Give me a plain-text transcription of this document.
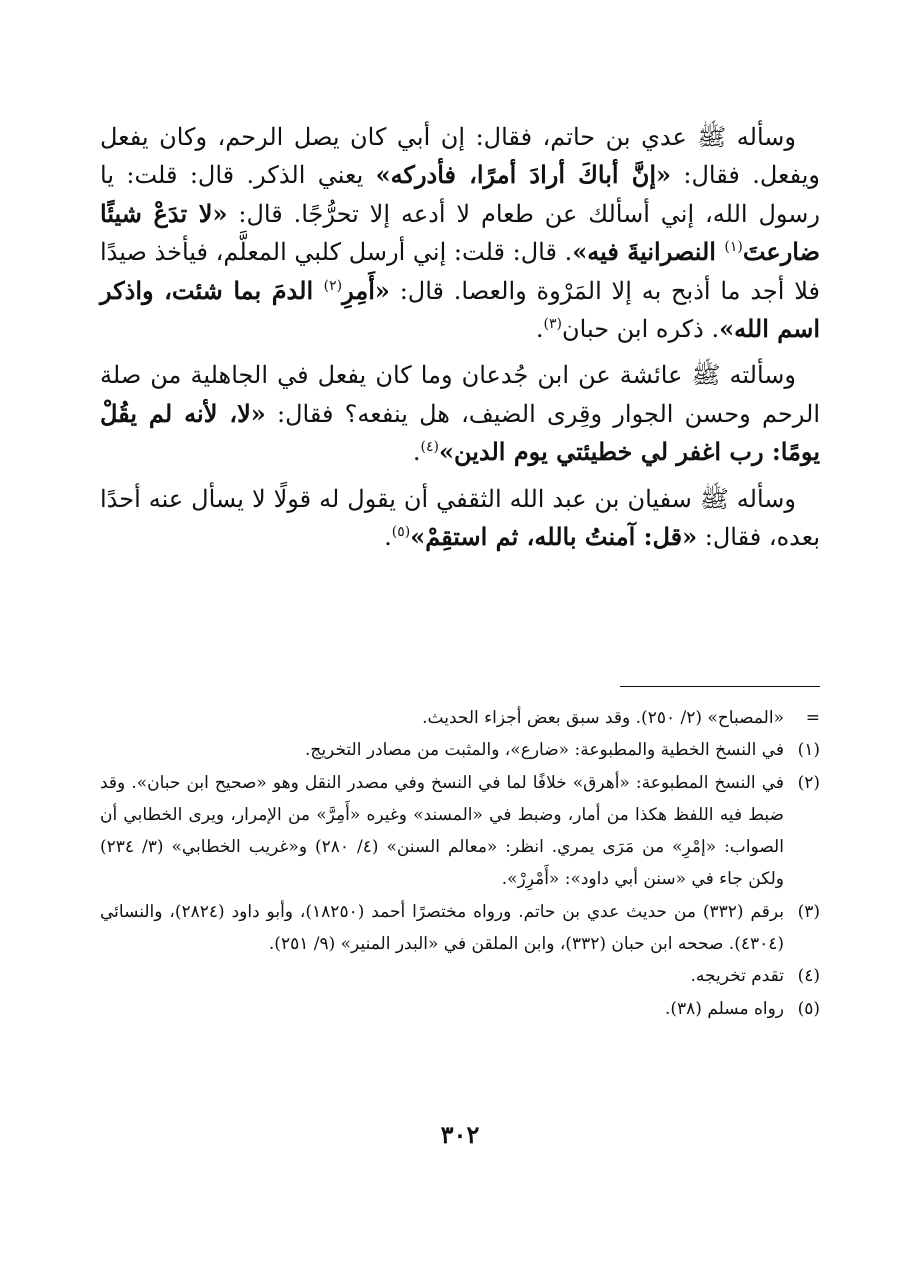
وسأله ﷺ عدي بن حاتم، فقال: إن أبي كان يصل الرحم، وكان يفعل ويفعل. فقال: «إنَّ أباكَ أرادَ أمرًا، فأدركه» يعني الذكر. قال: قلت: يا رسول الله، إني أسألك عن طعام لا أدعه إلا تحرُّجًا. قال: «لا تدَعْ شيئًا ضارعتَ$^{(١)}$ النصرانيةَ فيه». قال: قلت: إني أرسل كلبي المعلَّم، فيأخذ صيدًا فلا أجد ما أذبح به إلا المَرْوة والعصا. قال: «أَمِرِ$^{(٢)}$ الدمَ بما شئت، واذكر اسم الله». ذكره ابن حبان$^{(٣)}$.

وسألته ﷺ عائشة عن ابن جُدعان وما كان يفعل في الجاهلية من صلة الرحم وحسن الجوار وقِرى الضيف، هل ينفعه؟ فقال: «لا، لأنه لم يقُلْ يومًا: رب اغفر لي خطيئتي يوم الدين»$^{(٤)}$.

وسأله ﷺ سفيان بن عبد الله الثقفي أن يقول له قولًا لا يسأل عنه أحدًا بعده، فقال: «قل: آمنتُ بالله، ثم استقِمْ»$^{(٥)}$.

=
«المصباح» (٢/ ٢٥٠). وقد سبق بعض أجزاء الحديث.
(١)
في النسخ الخطية والمطبوعة: «ضارع»، والمثبت من مصادر التخريج.
(٢)
في النسخ المطبوعة: «أهرق» خلافًا لما في النسخ وفي مصدر النقل وهو «صحيح ابن حبان». وقد ضبط فيه اللفظ هكذا من أمار، وضبط في «المسند» وغيره «أَمِرَّ» من الإمرار، ويرى الخطابي أن الصواب: «إمْرِ» من مَرَى يمري. انظر: «معالم السنن» (٤/ ٢٨٠) و«غريب الخطابي» (٣/ ٢٣٤) ولكن جاء في «سنن أبي داود»: «أَمْرِرْ».
(٣)
برقم (٣٣٢) من حديث عدي بن حاتم. ورواه مختصرًا أحمد (١٨٢٥٠)، وأبو داود (٢٨٢٤)، والنسائي (٤٣٠٤). صححه ابن حبان (٣٣٢)، وابن الملقن في «البدر المنير» (٩/ ٢٥١).
(٤)
تقدم تخريجه.
(٥)
رواه مسلم (٣٨).
٣٠٢
